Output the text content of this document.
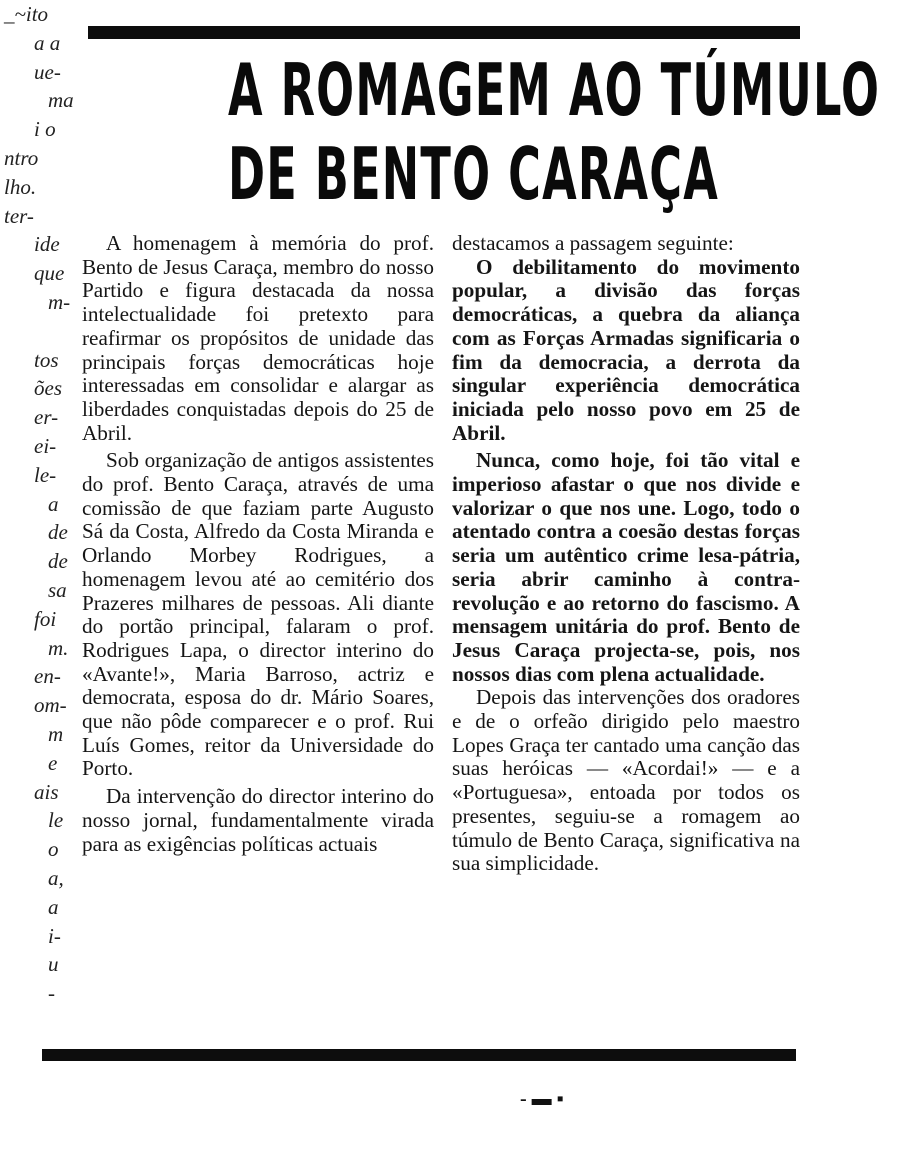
_~ito
a a
ue-
ma
i o
ntro
lho.
ter-
ide
que
m-

tos
ões
er-
ei-
le-
a
de
de
sa
foi
m.
en-
om-
m
e
ais
le
o
a,
a
i-
u
-
A ROMAGEM AO TÚMULO
DE BENTO CARAÇA

A homenagem à memória do prof. Bento de Jesus Caraça, membro do nosso Partido e figura destacada da nossa intelectualidade foi pretexto para reafirmar os propósitos de unidade das principais forças democráticas hoje interessadas em consolidar e alargar as liberdades conquistadas depois do 25 de Abril.

Sob organização de antigos assistentes do prof. Bento Caraça, através de uma comissão de que faziam parte Augusto Sá da Costa, Alfredo da Costa Miranda e Orlando Morbey Rodrigues, a homenagem levou até ao cemitério dos Prazeres milhares de pessoas. Ali diante do portão principal, falaram o prof. Rodrigues Lapa, o director interino do «Avante!», Maria Barroso, actriz e democrata, esposa do dr. Mário Soares, que não pôde comparecer e o prof. Rui Luís Gomes, reitor da Universidade do Porto.

Da intervenção do director interino do nosso jornal, fundamentalmente virada para as exigências políticas actuais

destacamos a passagem seguinte:

O debilitamento do movimento popular, a divisão das forças democráticas, a quebra da aliança com as Forças Armadas significaria o fim da democracia, a derrota da singular experiência democrática iniciada pelo nosso povo em 25 de Abril.

Nunca, como hoje, foi tão vital e imperioso afastar o que nos divide e valorizar o que nos une. Logo, todo o atentado contra a coesão destas forças seria um autêntico crime lesa-pátria, seria abrir caminho à contra-revolução e ao retorno do fascismo. A mensagem unitária do prof. Bento de Jesus Caraça projecta-se, pois, nos nossos dias com plena actualidade.

Depois das intervenções dos oradores e de o orfeão dirigido pelo maestro Lopes Graça ter cantado uma canção das suas heróicas — «Acordai!» — e a «Portuguesa», entoada por todos os presentes, seguiu-se a romagem ao túmulo de Bento Caraça, significativa na sua simplicidade.

- ▬ ▪
